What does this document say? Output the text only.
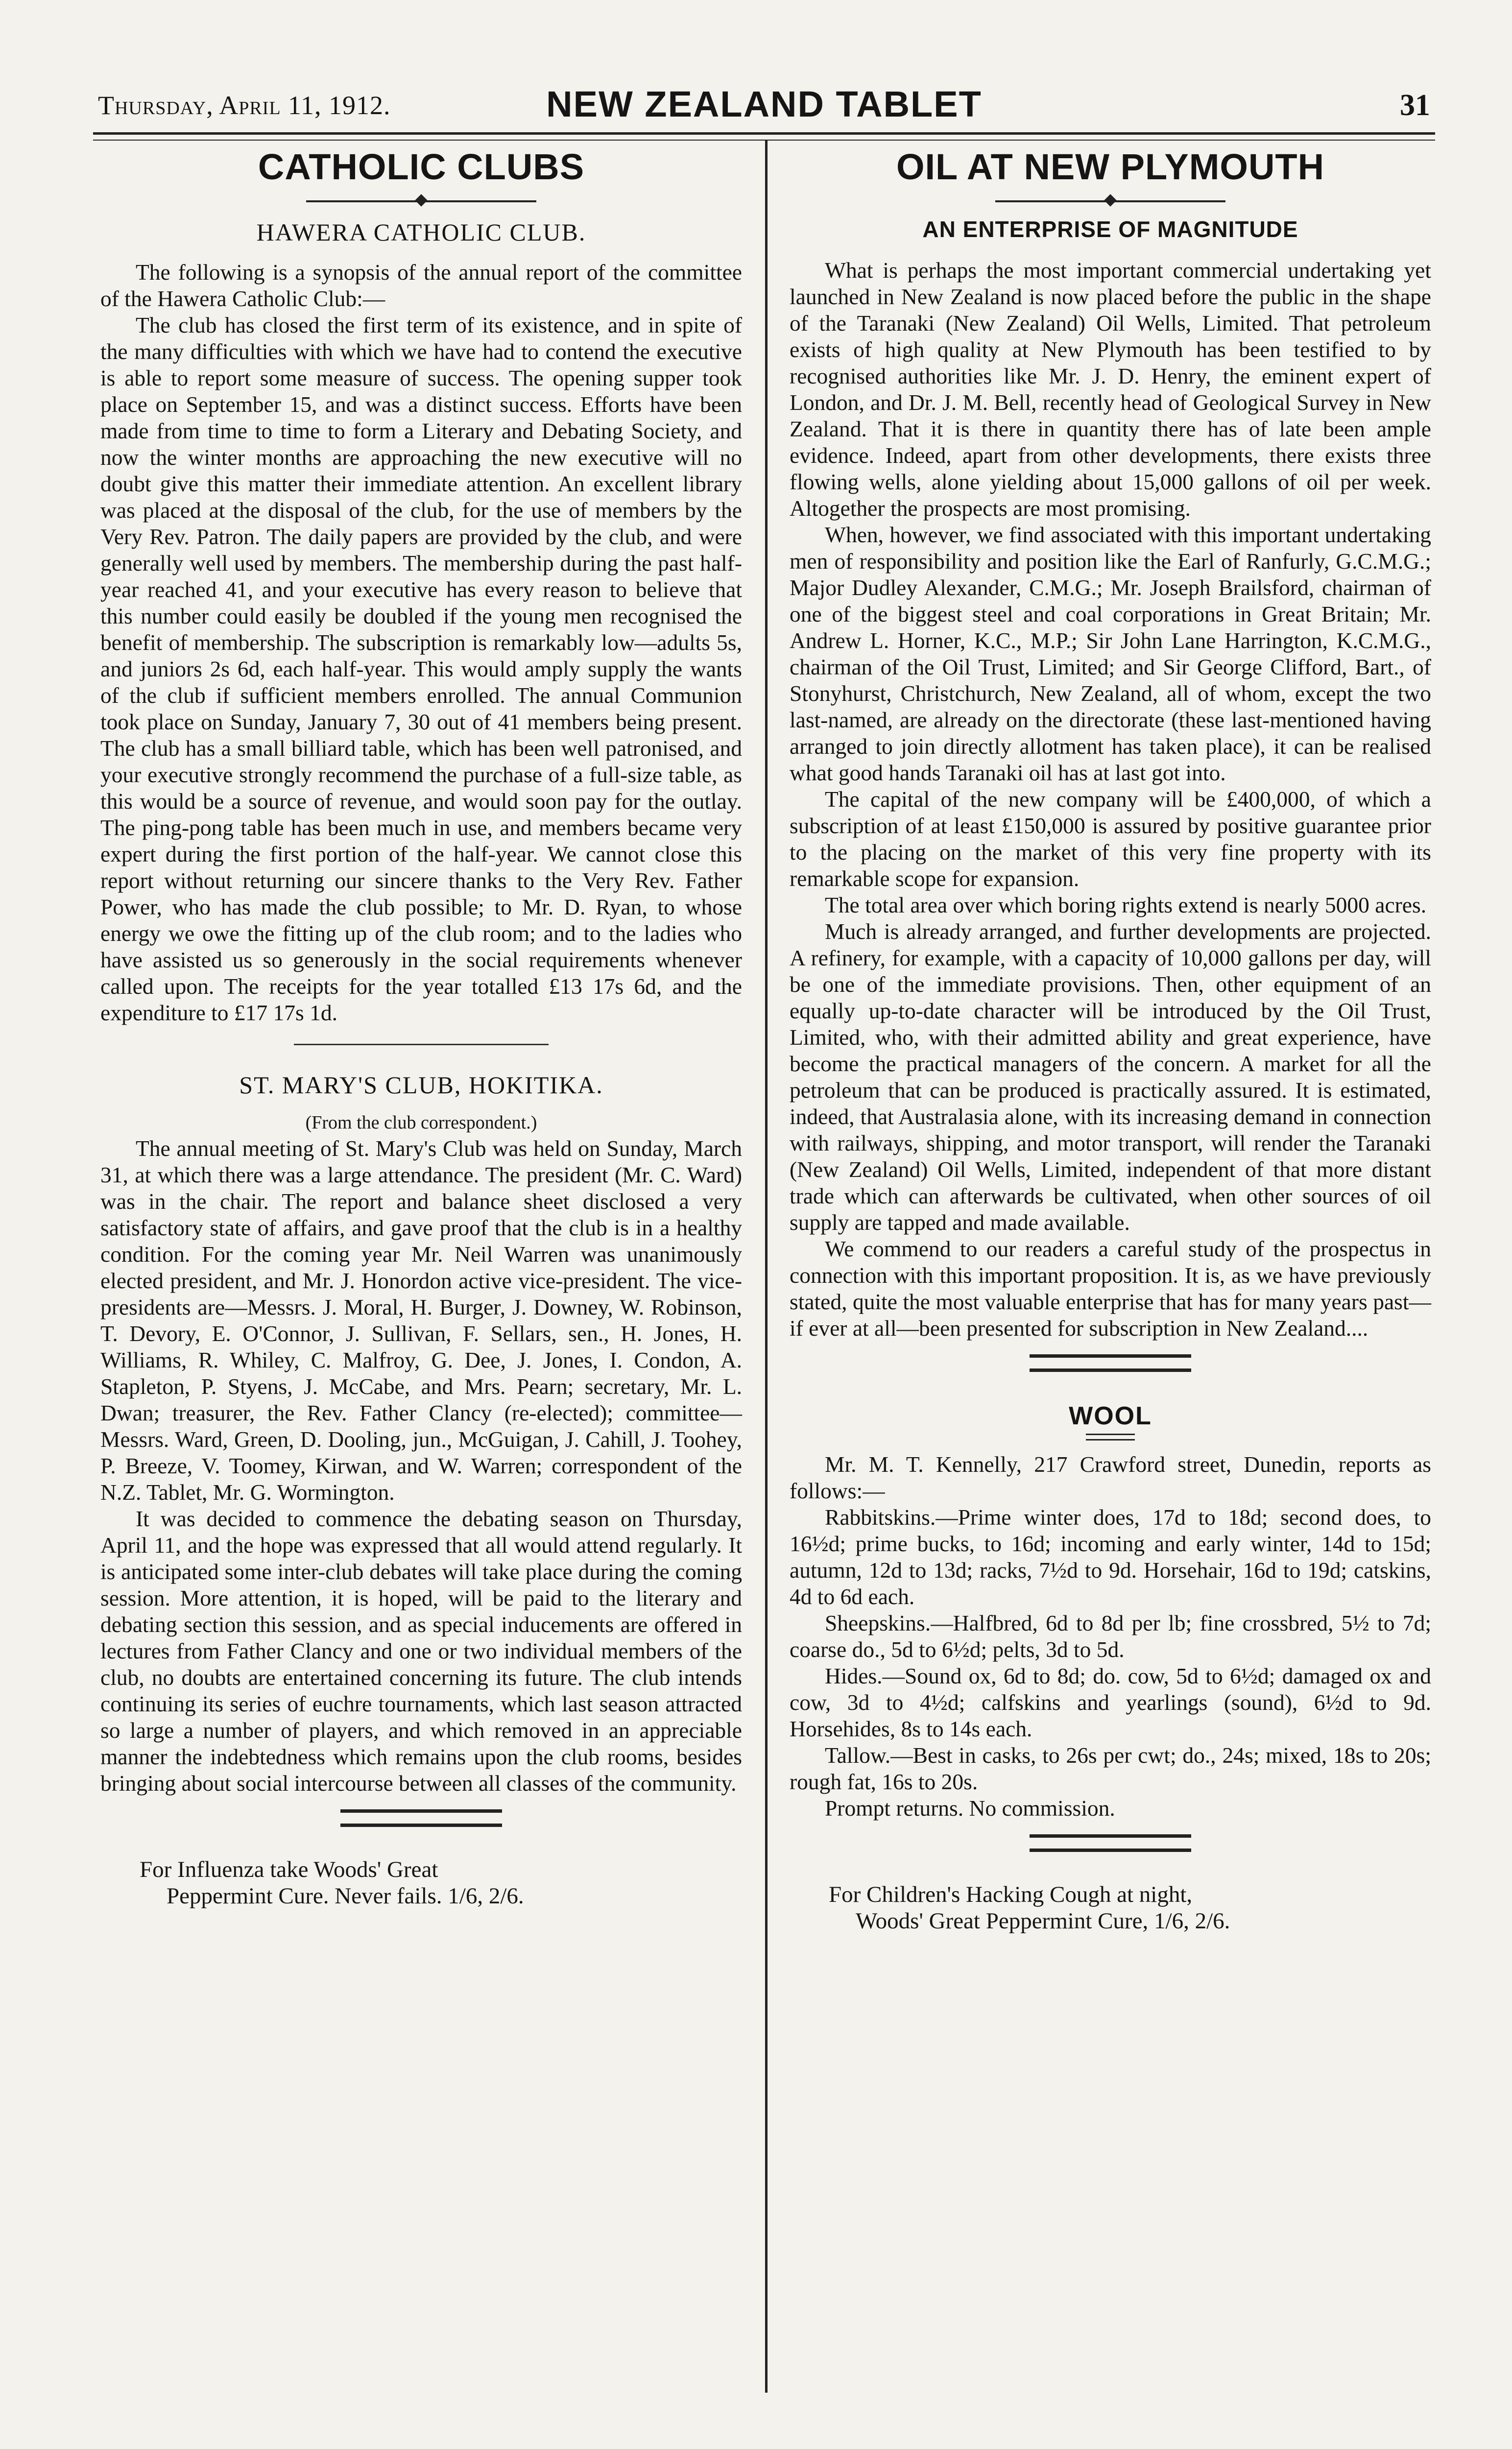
Thursday, April 11, 1912.	NEW ZEALAND TABLET	31
CATHOLIC CLUBS
HAWERA CATHOLIC CLUB.

The following is a synopsis of the annual report of the committee of the Hawera Catholic Club:—

The club has closed the first term of its existence, and in spite of the many difficulties with which we have had to contend the executive is able to report some measure of success. The opening supper took place on September 15, and was a distinct success. Efforts have been made from time to time to form a Literary and Debating Society, and now the winter months are approaching the new executive will no doubt give this matter their immediate attention. An excellent library was placed at the disposal of the club, for the use of members by the Very Rev. Patron. The daily papers are provided by the club, and were generally well used by members. The membership during the past half-year reached 41, and your executive has every reason to believe that this number could easily be doubled if the young men recognised the benefit of membership. The subscription is remarkably low—adults 5s, and juniors 2s 6d, each half-year. This would amply supply the wants of the club if sufficient members enrolled. The annual Communion took place on Sunday, January 7, 30 out of 41 members being present. The club has a small billiard table, which has been well patronised, and your executive strongly recommend the purchase of a full-size table, as this would be a source of revenue, and would soon pay for the outlay. The ping-pong table has been much in use, and members became very expert during the first portion of the half-year. We cannot close this report without returning our sincere thanks to the Very Rev. Father Power, who has made the club possible; to Mr. D. Ryan, to whose energy we owe the fitting up of the club room; and to the ladies who have assisted us so generously in the social requirements whenever called upon. The receipts for the year totalled £13 17s 6d, and the expenditure to £17 17s 1d.

ST. MARY'S CLUB, HOKITIKA.
(From the club correspondent.)

The annual meeting of St. Mary's Club was held on Sunday, March 31, at which there was a large attendance. The president (Mr. C. Ward) was in the chair. The report and balance sheet disclosed a very satisfactory state of affairs, and gave proof that the club is in a healthy condition. For the coming year Mr. Neil Warren was unanimously elected president, and Mr. J. Honordon active vice-president. The vice-presidents are—Messrs. J. Moral, H. Burger, J. Downey, W. Robinson, T. Devory, E. O'Connor, J. Sullivan, F. Sellars, sen., H. Jones, H. Williams, R. Whiley, C. Malfroy, G. Dee, J. Jones, I. Condon, A. Stapleton, P. Styens, J. McCabe, and Mrs. Pearn; secretary, Mr. L. Dwan; treasurer, the Rev. Father Clancy (re-elected); committee—Messrs. Ward, Green, D. Dooling, jun., McGuigan, J. Cahill, J. Toohey, P. Breeze, V. Toomey, Kirwan, and W. Warren; correspondent of the N.Z. Tablet, Mr. G. Wormington.

It was decided to commence the debating season on Thursday, April 11, and the hope was expressed that all would attend regularly. It is anticipated some inter-club debates will take place during the coming session. More attention, it is hoped, will be paid to the literary and debating section this session, and as special inducements are offered in lectures from Father Clancy and one or two individual members of the club, no doubts are entertained concerning its future. The club intends continuing its series of euchre tournaments, which last season attracted so large a number of players, and which removed in an appreciable manner the indebtedness which remains upon the club rooms, besides bringing about social intercourse between all classes of the community.

For Influenza take Woods' Great
Peppermint Cure. Never fails. 1/6, 2/6.
OIL AT NEW PLYMOUTH
AN ENTERPRISE OF MAGNITUDE

What is perhaps the most important commercial undertaking yet launched in New Zealand is now placed before the public in the shape of the Taranaki (New Zealand) Oil Wells, Limited. That petroleum exists of high quality at New Plymouth has been testified to by recognised authorities like Mr. J. D. Henry, the eminent expert of London, and Dr. J. M. Bell, recently head of Geological Survey in New Zealand. That it is there in quantity there has of late been ample evidence. Indeed, apart from other developments, there exists three flowing wells, alone yielding about 15,000 gallons of oil per week. Altogether the prospects are most promising.

When, however, we find associated with this important undertaking men of responsibility and position like the Earl of Ranfurly, G.C.M.G.; Major Dudley Alexander, C.M.G.; Mr. Joseph Brailsford, chairman of one of the biggest steel and coal corporations in Great Britain; Mr. Andrew L. Horner, K.C., M.P.; Sir John Lane Harrington, K.C.M.G., chairman of the Oil Trust, Limited; and Sir George Clifford, Bart., of Stonyhurst, Christchurch, New Zealand, all of whom, except the two last-named, are already on the directorate (these last-mentioned having arranged to join directly allotment has taken place), it can be realised what good hands Taranaki oil has at last got into.

The capital of the new company will be £400,000, of which a subscription of at least £150,000 is assured by positive guarantee prior to the placing on the market of this very fine property with its remarkable scope for expansion.

The total area over which boring rights extend is nearly 5000 acres.

Much is already arranged, and further developments are projected. A refinery, for example, with a capacity of 10,000 gallons per day, will be one of the immediate provisions. Then, other equipment of an equally up-to-date character will be introduced by the Oil Trust, Limited, who, with their admitted ability and great experience, have become the practical managers of the concern. A market for all the petroleum that can be produced is practically assured. It is estimated, indeed, that Australasia alone, with its increasing demand in connection with railways, shipping, and motor transport, will render the Taranaki (New Zealand) Oil Wells, Limited, independent of that more distant trade which can afterwards be cultivated, when other sources of oil supply are tapped and made available.

We commend to our readers a careful study of the prospectus in connection with this important proposition. It is, as we have previously stated, quite the most valuable enterprise that has for many years past—if ever at all—been presented for subscription in New Zealand....

WOOL

Mr. M. T. Kennelly, 217 Crawford street, Dunedin, reports as follows:—

Rabbitskins.—Prime winter does, 17d to 18d; second does, to 16½d; prime bucks, to 16d; incoming and early winter, 14d to 15d; autumn, 12d to 13d; racks, 7½d to 9d. Horsehair, 16d to 19d; catskins, 4d to 6d each.

Sheepskins.—Halfbred, 6d to 8d per lb; fine crossbred, 5½ to 7d; coarse do., 5d to 6½d; pelts, 3d to 5d.

Hides.—Sound ox, 6d to 8d; do. cow, 5d to 6½d; damaged ox and cow, 3d to 4½d; calfskins and yearlings (sound), 6½d to 9d. Horsehides, 8s to 14s each.

Tallow.—Best in casks, to 26s per cwt; do., 24s; mixed, 18s to 20s; rough fat, 16s to 20s.

Prompt returns. No commission.

For Children's Hacking Cough at night,
Woods' Great Peppermint Cure, 1/6, 2/6.
